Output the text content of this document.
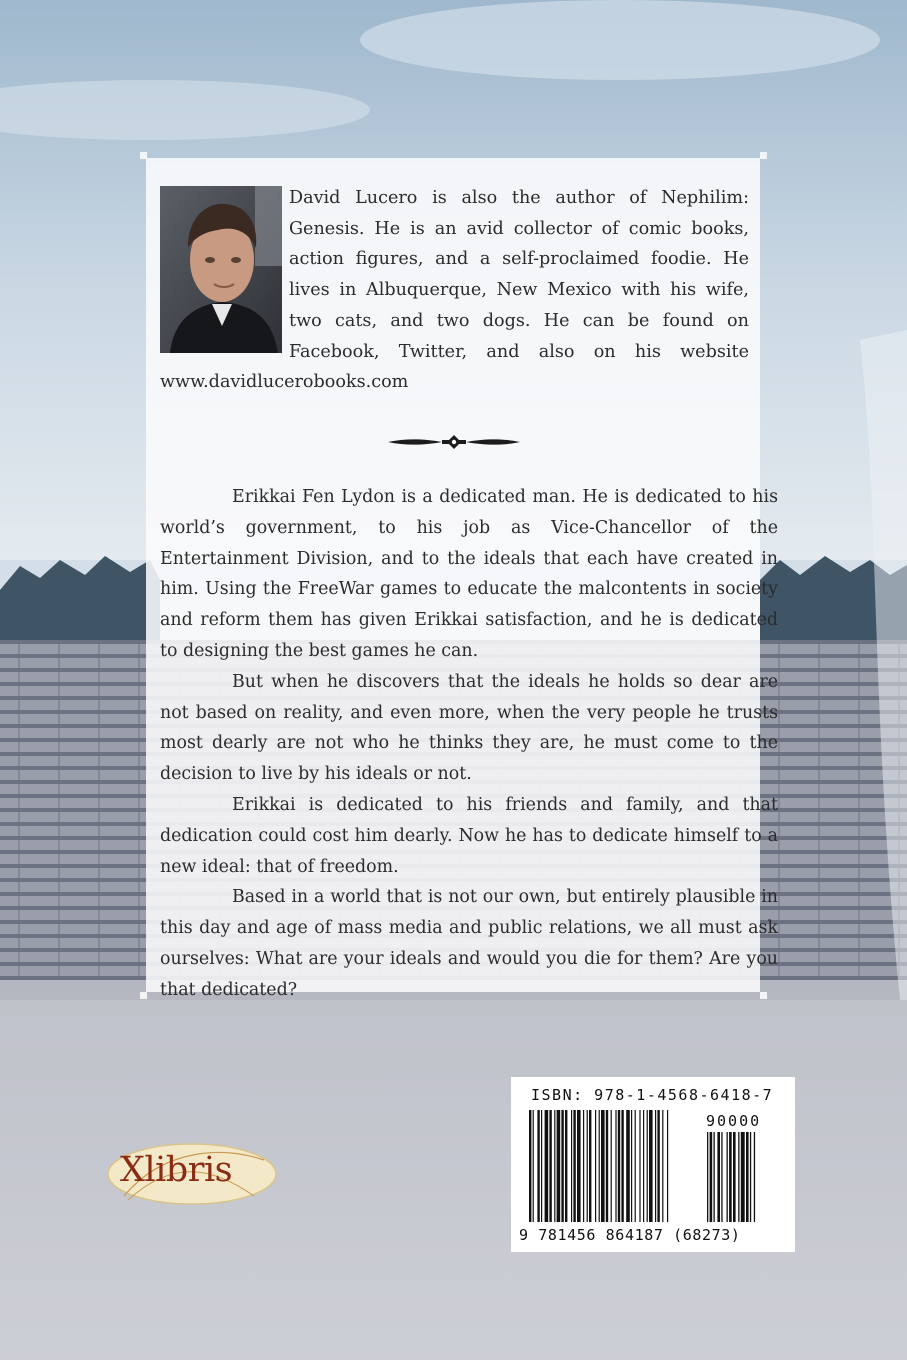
David Lucero is also the author of Nephilim: Genesis. He is an avid collector of comic books, action figures, and a self-proclaimed foodie. He lives in Albuquerque, New Mexico with his wife, two cats, and two dogs. He can be found on Facebook, Twitter, and also on his website www.davidlucerobooks.com

Erikkai Fen Lydon is a dedicated man. He is dedicated to his world’s government, to his job as Vice-Chancellor of the Entertainment Division, and to the ideals that each have created in him. Using the FreeWar games to educate the malcontents in society and reform them has given Erikkai satisfaction, and he is dedicated to designing the best games he can.

But when he discovers that the ideals he holds so dear are not based on reality, and even more, when the very people he trusts most dearly are not who he thinks they are, he must come to the decision to live by his ideals or not.

Erikkai is dedicated to his friends and family, and that dedication could cost him dearly. Now he has to dedicate himself to a new ideal: that of freedom.

Based in a world that is not our own, but entirely plausible in this day and age of mass media and public relations, we all must ask ourselves: What are your ideals and would you die for them? Are you that dedicated?

Xlibris

ISBN: 978-1-4568-6418-7

90000

9 781456 864187 (68273)
